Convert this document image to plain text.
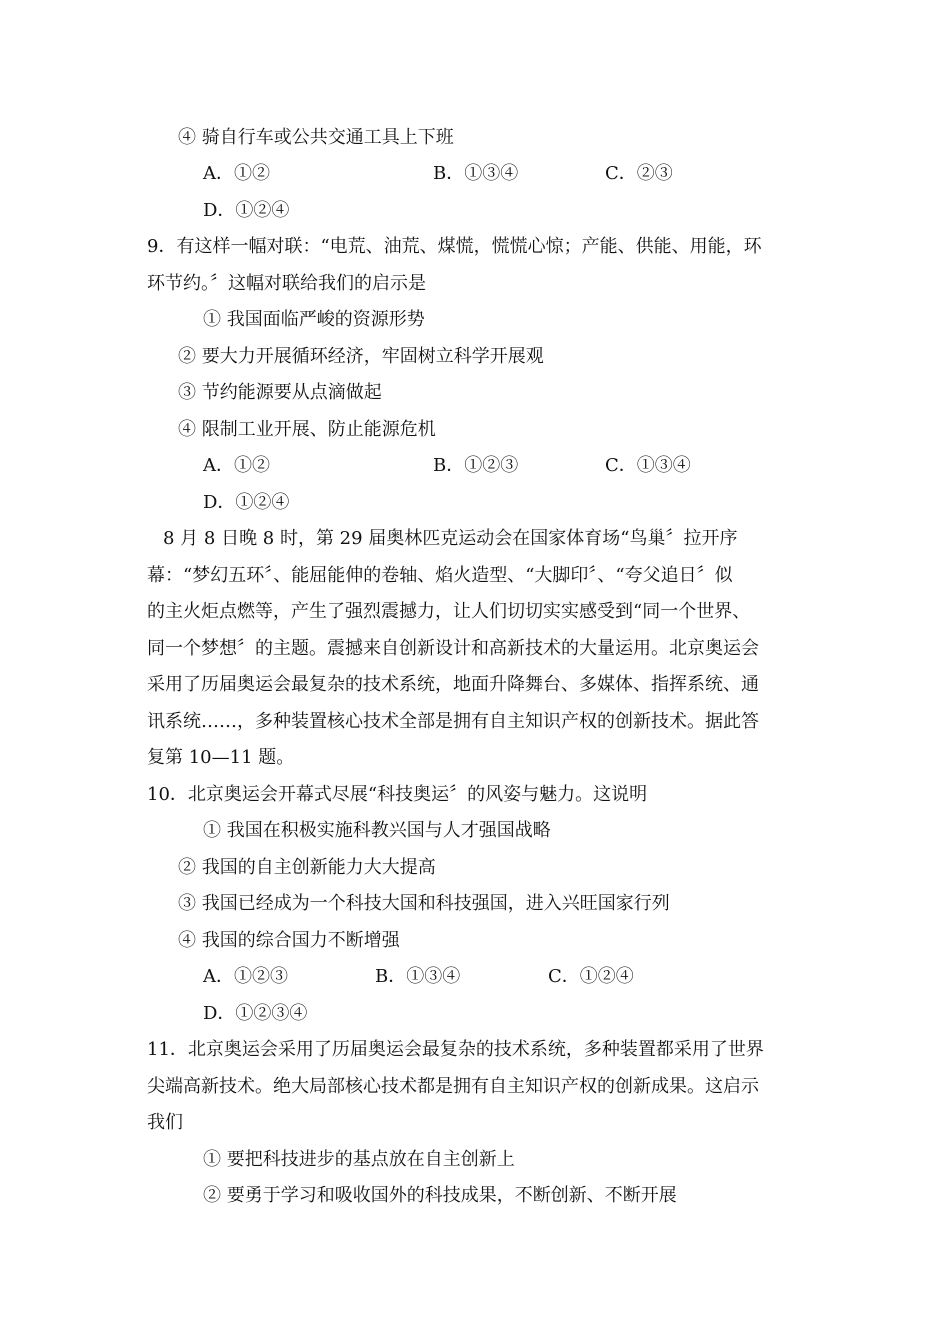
④ 骑自行车或公共交通工具上下班
A．①②	B．①③④	C．②③
D．①②④
9．有这样一幅对联：“电荒、油荒、煤慌，慌慌心惊；产能、供能、用能，环
环节约。〞这幅对联给我们的启示是
① 我国面临严峻的资源形势
② 要大力开展循环经济，牢固树立科学开展观
③ 节约能源要从点滴做起
④ 限制工业开展、防止能源危机
A．①②	B．①②③	C．①③④
D．①②④
8 月 8 日晚 8 时，第 29 届奥林匹克运动会在国家体育场“鸟巢〞拉开序
幕：“梦幻五环〞、能屈能伸的卷轴、焰火造型、“大脚印〞、“夸父追日〞似
的主火炬点燃等，产生了强烈震撼力，让人们切切实实感受到“同一个世界、
同一个梦想〞的主题。震撼来自创新设计和高新技术的大量运用。北京奥运会
采用了历届奥运会最复杂的技术系统，地面升降舞台、多媒体、指挥系统、通
讯系统……，多种装置核心技术全部是拥有自主知识产权的创新技术。据此答
复第 10—11 题。
10．北京奥运会开幕式尽展“科技奥运〞的风姿与魅力。这说明
① 我国在积极实施科教兴国与人才强国战略
② 我国的自主创新能力大大提高
③ 我国已经成为一个科技大国和科技强国，进入兴旺国家行列
④ 我国的综合国力不断增强
A．①②③	B．①③④	C．①②④
D．①②③④
11．北京奥运会采用了历届奥运会最复杂的技术系统，多种装置都采用了世界
尖端高新技术。绝大局部核心技术都是拥有自主知识产权的创新成果。这启示
我们
① 要把科技进步的基点放在自主创新上
② 要勇于学习和吸收国外的科技成果，不断创新、不断开展
